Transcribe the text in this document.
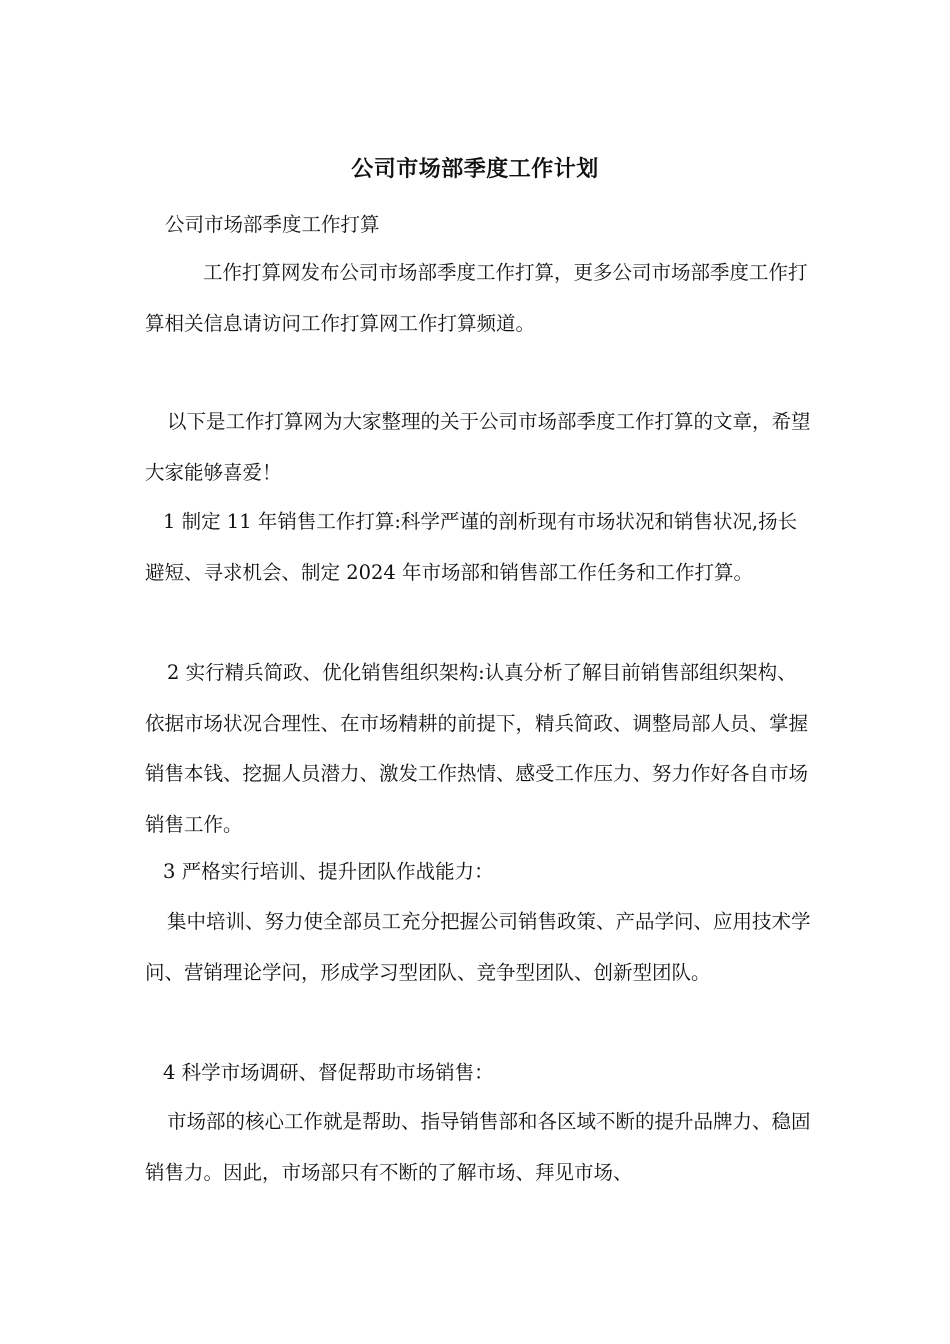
公司市场部季度工作计划

公司市场部季度工作打算

工作打算网发布公司市场部季度工作打算，更多公司市场部季度工作打算相关信息请访问工作打算网工作打算频道。

以下是工作打算网为大家整理的关于公司市场部季度工作打算的文章，希望大家能够喜爱！

1 制定 11 年销售工作打算:科学严谨的剖析现有市场状况和销售状况,扬长避短、寻求机会、制定 2024 年市场部和销售部工作任务和工作打算。

2 实行精兵简政、优化销售组织架构:认真分析了解目前销售部组织架构、依据市场状况合理性、在市场精耕的前提下，精兵简政、调整局部人员、掌握销售本钱、挖掘人员潜力、激发工作热情、感受工作压力、努力作好各自市场销售工作。

3 严格实行培训、提升团队作战能力：

集中培训、努力使全部员工充分把握公司销售政策、产品学问、应用技术学问、营销理论学问，形成学习型团队、竞争型团队、创新型团队。

4 科学市场调研、督促帮助市场销售：

市场部的核心工作就是帮助、指导销售部和各区域不断的提升品牌力、稳固销售力。因此，市场部只有不断的了解市场、拜见市场、
